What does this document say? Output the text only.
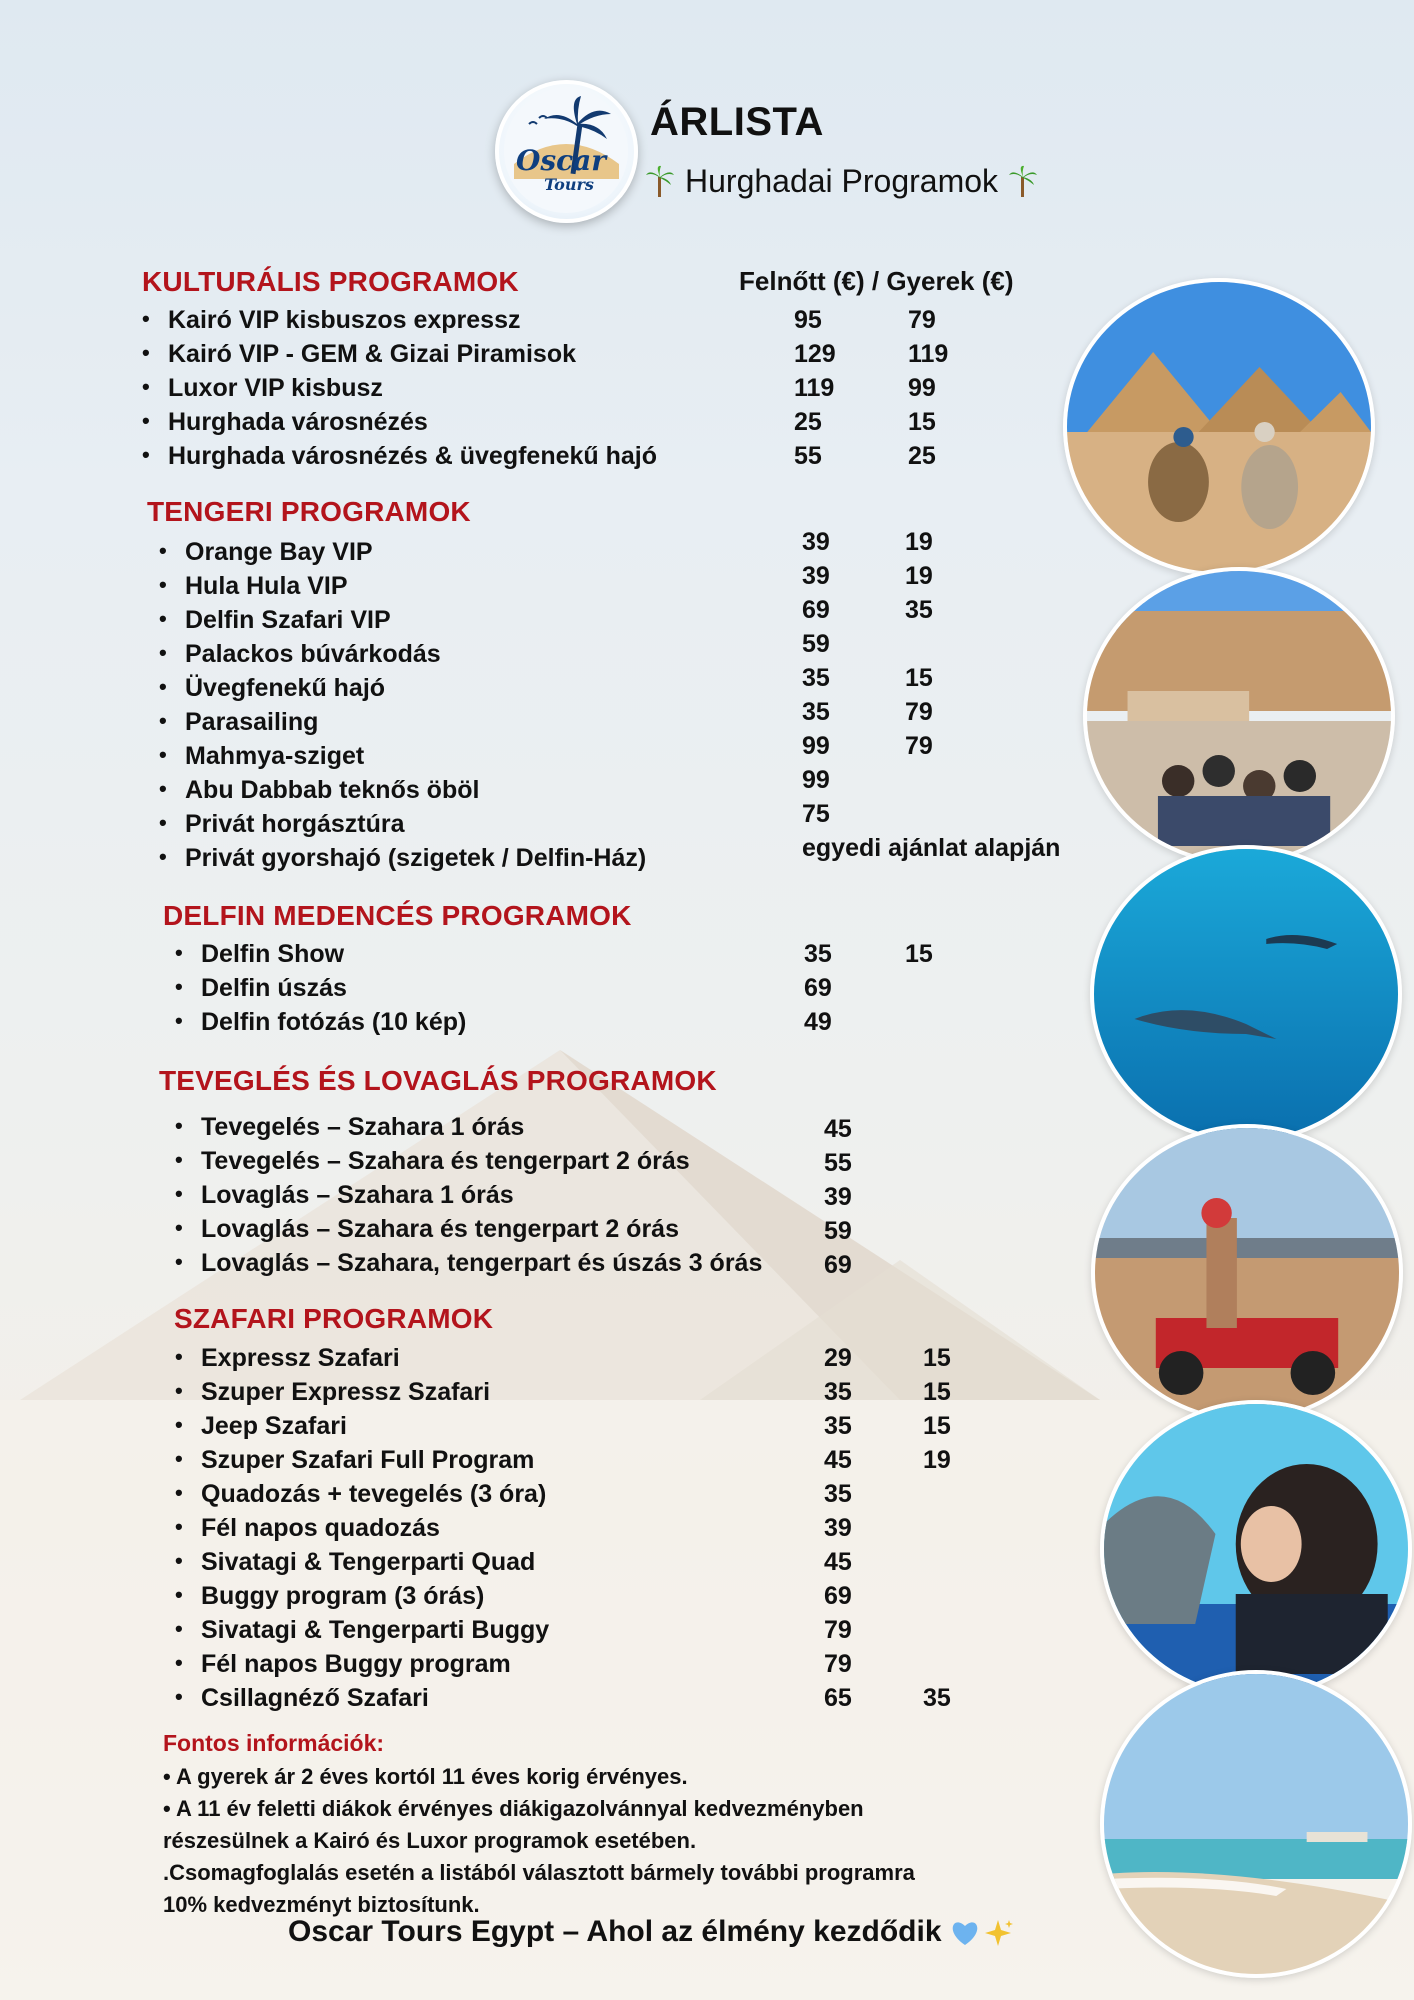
Oscar
Tours
ÁRLISTA
Hurghadai Programok
Felnőtt (€) / Gyerek (€)
KULTURÁLIS PROGRAMOK
TENGERI PROGRAMOK
DELFIN MEDENCÉS PROGRAMOK
TEVEGLÉS ÉS LOVAGLÁS PROGRAMOK
SZAFARI PROGRAMOK
• Kairó VIP kisbuszos expressz	95	79
• Kairó VIP - GEM & Gizai Piramisok	129	119
• Luxor VIP kisbusz	119	99
• Hurghada városnézés	25	15
• Hurghada városnézés & üvegfenekű hajó	55	25
• Orange Bay VIP	39	19
• Hula Hula VIP	39	19
• Delfin Szafari VIP	69	35
• Palackos búvárkodás	59
• Üvegfenekű hajó	35	15
• Parasailing	35	79
• Mahmya-sziget	99	79
• Abu Dabbab teknős öböl	99
• Privát horgásztúra	75
• Privát gyorshajó (szigetek / Delfin-Ház)	egyedi ajánlat alapján
• Delfin Show	35	15
• Delfin úszás	69
• Delfin fotózás (10 kép)	49
• Tevegelés – Szahara 1 órás	45
• Tevegelés – Szahara és tengerpart 2 órás	55
• Lovaglás – Szahara 1 órás	39
• Lovaglás – Szahara és tengerpart 2 órás	59
• Lovaglás – Szahara, tengerpart és úszás 3 órás 69
• Expressz Szafari	29	15
• Szuper Expressz Szafari	35	15
• Jeep Szafari	35	15
• Szuper Szafari Full Program	45	19
• Quadozás + tevegelés (3 óra)	35
• Fél napos quadozás	39
• Sivatagi & Tengerparti Quad	45
• Buggy program (3 órás)	69
• Sivatagi & Tengerparti Buggy	79
• Fél napos Buggy program	79
• Csillagnéző Szafari	65	35
Fontos információk:
• A gyerek ár 2 éves kortól 11 éves korig érvényes.
• A 11 év feletti diákok érvényes diákigazolvánnyal kedvezményben
részesülnek a Kairó és Luxor programok esetében.
.Csomagfoglalás esetén a listából választott bármely további programra
10% kedvezményt biztosítunk.
Oscar Tours Egypt – Ahol az élmény kezdődik
